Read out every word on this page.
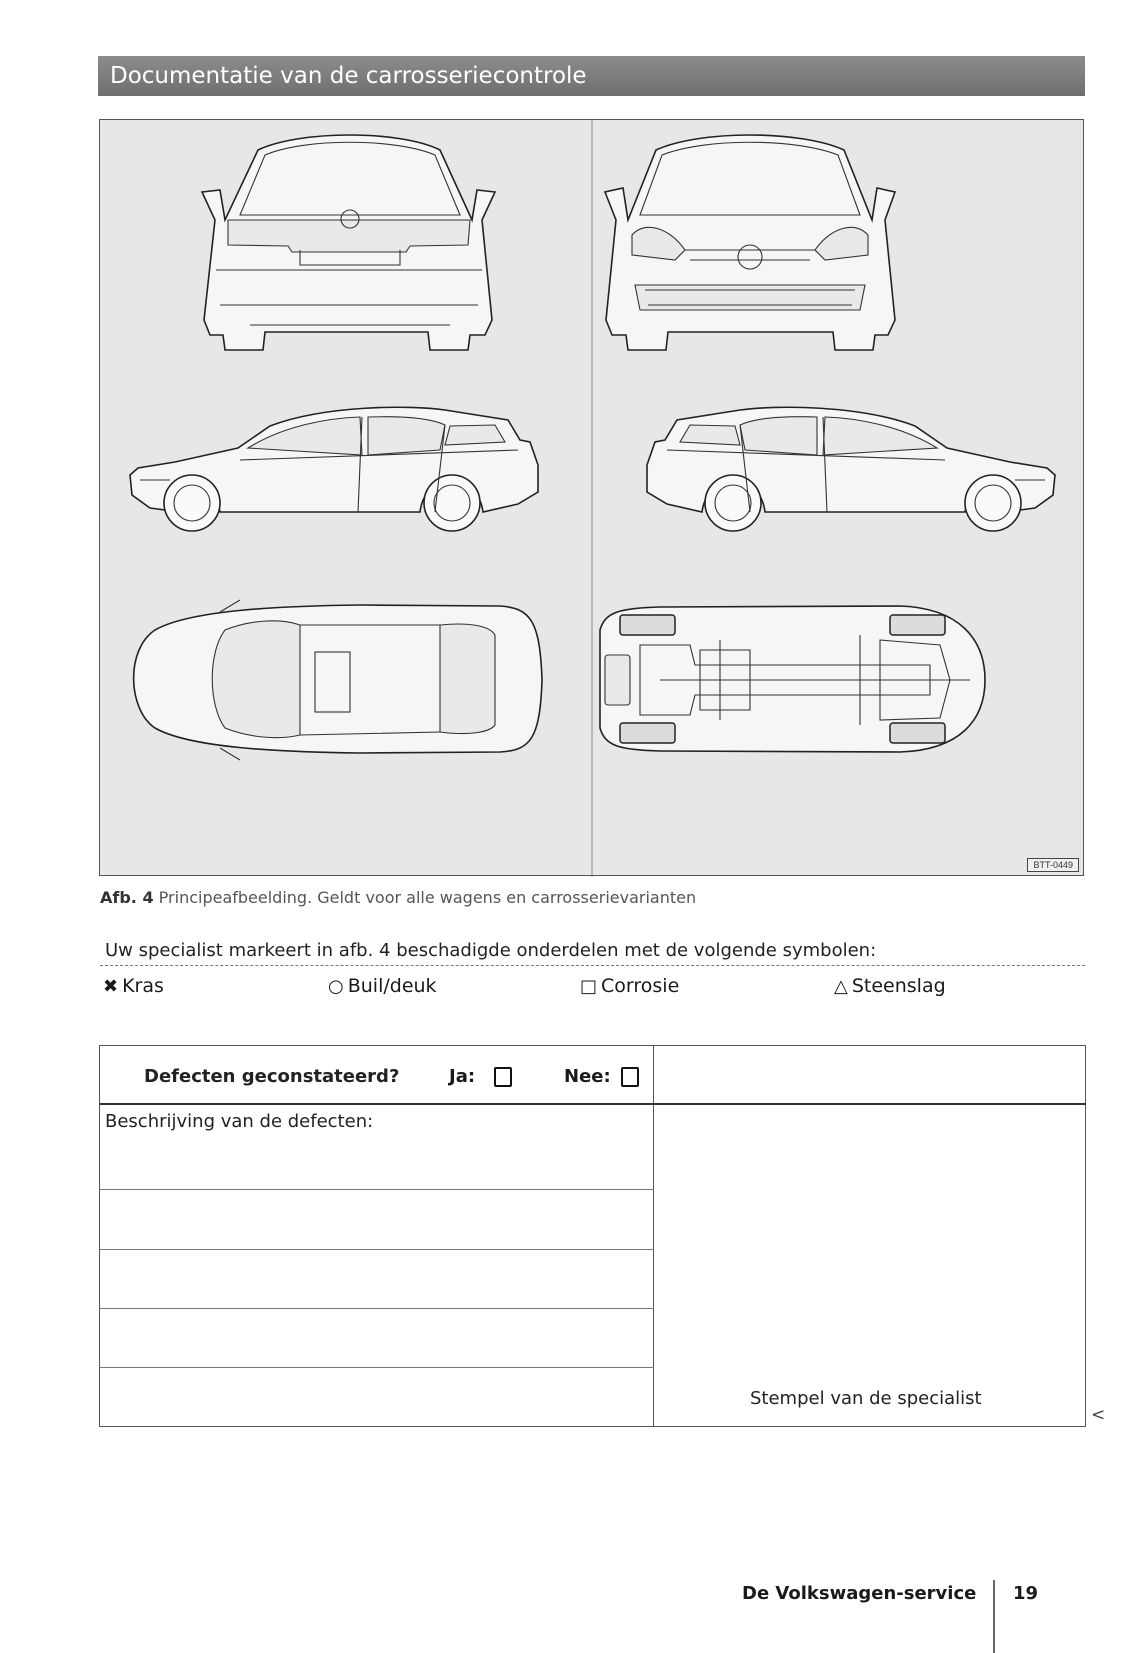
Documentatie van de carrosseriecontrole
BTT-0449
Afb. 4 Principeafbeelding. Geldt voor alle wagens en carrosserievarianten
Uw specialist markeert in afb. 4 beschadigde onderdelen met de volgende symbolen:
✖ Kras	○ Buil/deuk	□ Corrosie	△ Steenslag
Defecten geconstateerd?	Ja:	Nee:
Beschrijving van de defecten:
Stempel van de specialist
<
De Volkswagen-service 19
